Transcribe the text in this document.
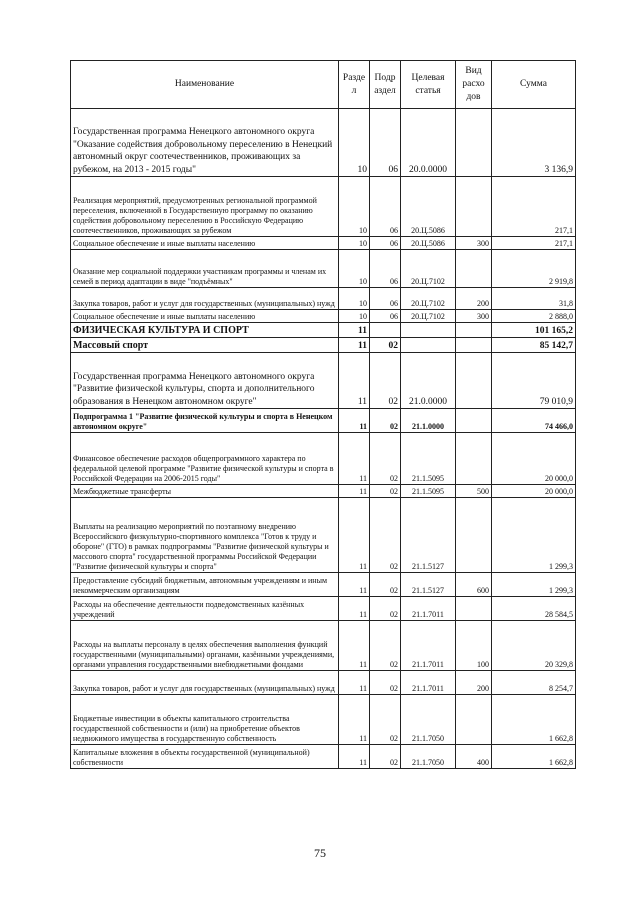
Наименование	Разде л	Подр аздел	Целевая статья	Вид расхо дов	Сумма
Государственная программа Ненецкого автономного округа "Оказание содействия добровольному переселению в Ненецкий автономный округ соотечественников, проживающих за рубежом, на 2013 - 2015 годы"	10	06	20.0.0000		3 136,9
Реализация мероприятий, предусмотренных региональной программой переселения, включенной в Государственную программу по оказанию содействия добровольному переселению в Российскую Федерацию соотечественников, проживающих за рубежом	10	06	20.Ц.5086		217,1
Социальное обеспечение и иные выплаты населению	10	06	20.Ц.5086	300	217,1
Оказание мер социальной поддержки участникам программы и членам их семей в период адаптации в виде "подъёмных"	10	06	20.Ц.7102		2 919,8
Закупка товаров, работ и услуг для государственных (муниципальных) нужд	10	06	20.Ц.7102	200	31,8
Социальное обеспечение и иные выплаты населению	10	06	20.Ц.7102	300	2 888,0
ФИЗИЧЕСКАЯ КУЛЬТУРА И СПОРТ	11				101 165,2
Массовый спорт	11	02			85 142,7
Государственная программа Ненецкого автономного округа "Развитие физической культуры, спорта и дополнительного образования в Ненецком автономном округе"	11	02	21.0.0000		79 010,9
Подпрограмма 1 "Развитие физической культуры и спорта в Ненецком автономном округе"	11	02	21.1.0000		74 466,0
Финансовое обеспечение расходов общепрограммного характера по федеральной целевой программе "Развитие физической культуры и спорта в Российской Федерации на 2006-2015 годы"	11	02	21.1.5095		20 000,0
Межбюджетные трансферты	11	02	21.1.5095	500	20 000,0
Выплаты на реализацию мероприятий по поэтапному внедрению Всероссийского физкультурно-спортивного комплекса "Готов к труду и обороне" (ГТО) в рамках подпрограммы "Развитие физической культуры и массового спорта" государственной программы Российской Федерации "Развитие физической культуры и спорта"	11	02	21.1.5127		1 299,3
Предоставление субсидий бюджетным, автономным учреждениям и иным некоммерческим организациям	11	02	21.1.5127	600	1 299,3
Расходы на обеспечение деятельности подведомственных казённых учреждений	11	02	21.1.7011		28 584,5
Расходы на выплаты персоналу в целях обеспечения выполнения функций государственными (муниципальными) органами, казёнными учреждениями, органами управления государственными внебюджетными фондами	11	02	21.1.7011	100	20 329,8
Закупка товаров, работ и услуг для государственных (муниципальных) нужд	11	02	21.1.7011	200	8 254,7
Бюджетные инвестиции в объекты капитального строительства государственной собственности и (или) на приобретение объектов недвижимого имущества в государственную собственность	11	02	21.1.7050		1 662,8
Капитальные вложения в объекты государственной (муниципальной) собственности	11	02	21.1.7050	400	1 662,8
75
